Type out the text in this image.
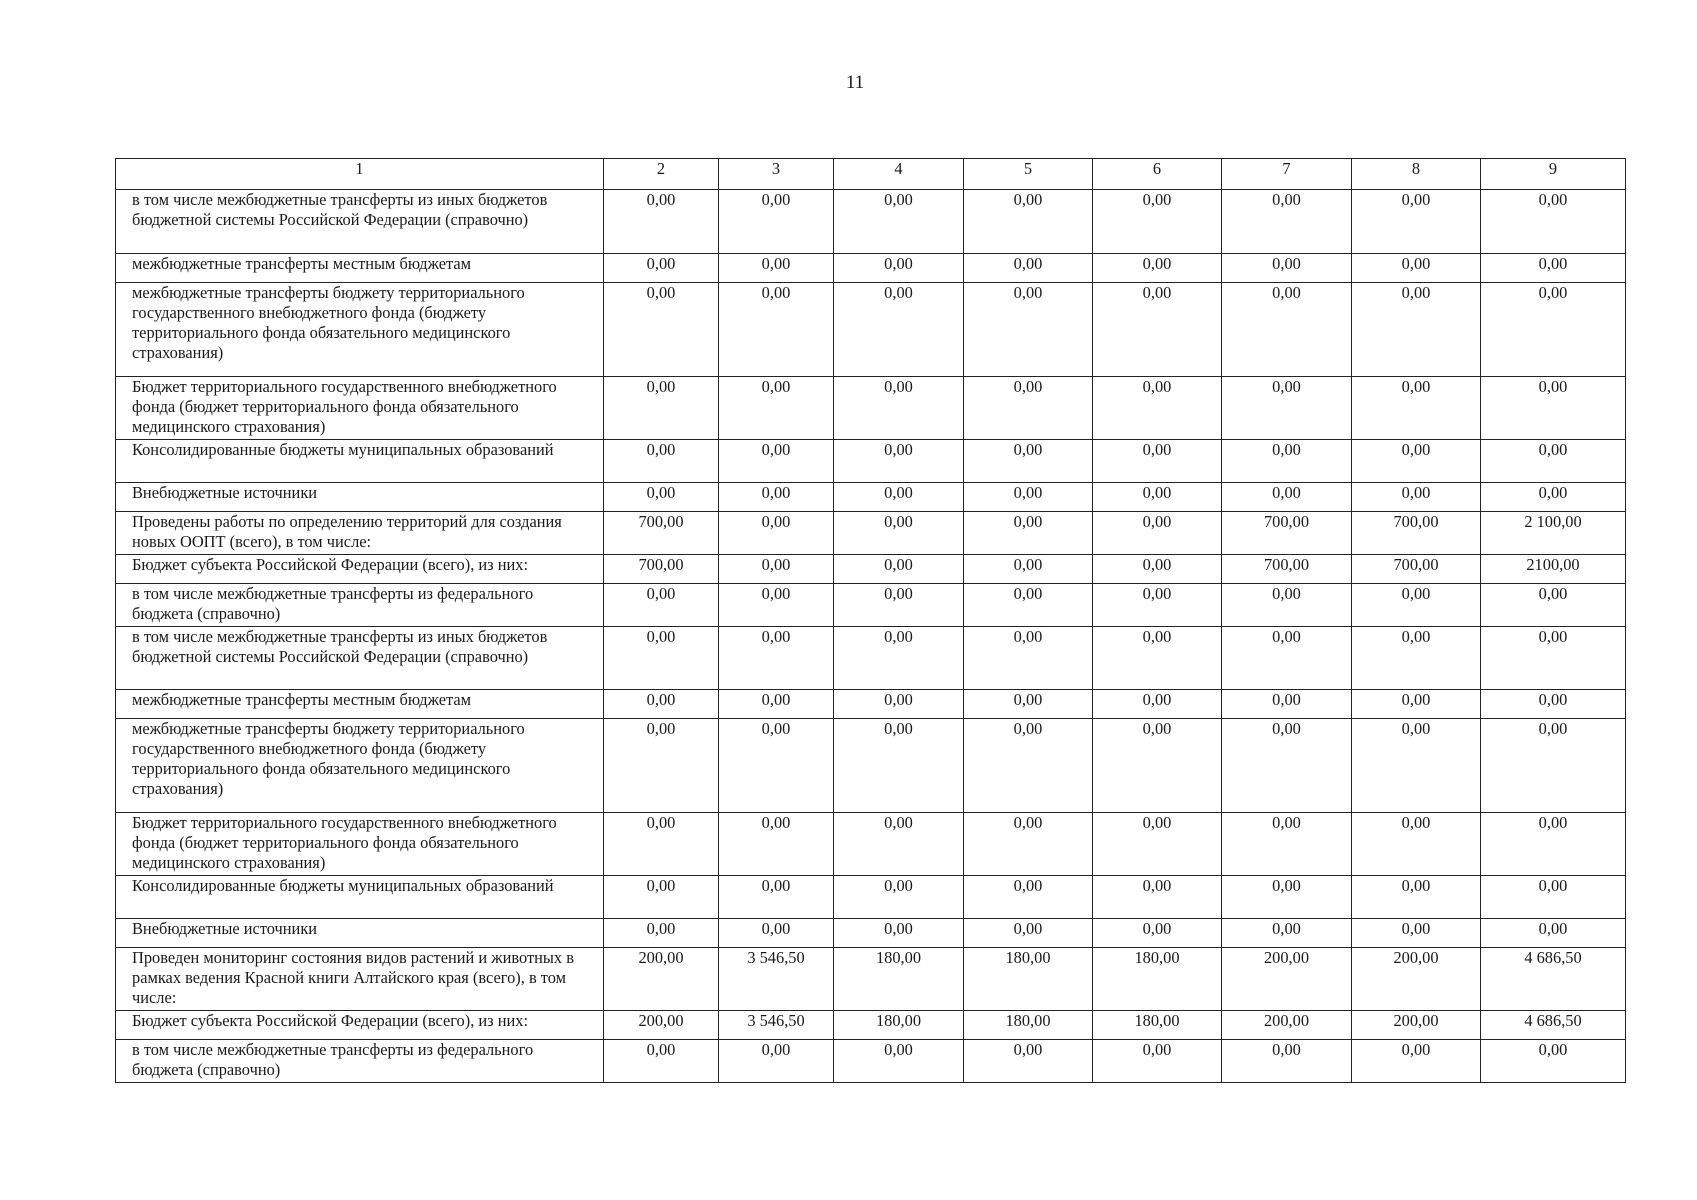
11
1	2	3	4	5	6	7	8	9
в том числе межбюджетные трансферты из иных бюджетов бюджетной системы Российской Федерации (справочно)	0,00	0,00	0,00	0,00	0,00	0,00	0,00	0,00
межбюджетные трансферты местным бюджетам	0,00	0,00	0,00	0,00	0,00	0,00	0,00	0,00
межбюджетные трансферты бюджету территориального государственного внебюджетного фонда (бюджету территориального фонда обязательного медицинского страхования)	0,00	0,00	0,00	0,00	0,00	0,00	0,00	0,00
Бюджет территориального государственного внебюджетного фонда (бюджет территориального фонда обязательного медицинского страхования)	0,00	0,00	0,00	0,00	0,00	0,00	0,00	0,00
Консолидированные бюджеты муниципальных образований	0,00	0,00	0,00	0,00	0,00	0,00	0,00	0,00
Внебюджетные источники	0,00	0,00	0,00	0,00	0,00	0,00	0,00	0,00
Проведены работы по определению территорий для создания новых ООПТ (всего), в том числе:	700,00	0,00	0,00	0,00	0,00	700,00	700,00	2 100,00
Бюджет субъекта Российской Федерации (всего), из них:	700,00	0,00	0,00	0,00	0,00	700,00	700,00	2100,00
в том числе межбюджетные трансферты из федерального бюджета (справочно)	0,00	0,00	0,00	0,00	0,00	0,00	0,00	0,00
в том числе межбюджетные трансферты из иных бюджетов бюджетной системы Российской Федерации (справочно)	0,00	0,00	0,00	0,00	0,00	0,00	0,00	0,00
межбюджетные трансферты местным бюджетам	0,00	0,00	0,00	0,00	0,00	0,00	0,00	0,00
межбюджетные трансферты бюджету территориального государственного внебюджетного фонда (бюджету территориального фонда обязательного медицинского страхования)	0,00	0,00	0,00	0,00	0,00	0,00	0,00	0,00
Бюджет территориального государственного внебюджетного фонда (бюджет территориального фонда обязательного медицинского страхования)	0,00	0,00	0,00	0,00	0,00	0,00	0,00	0,00
Консолидированные бюджеты муниципальных образований	0,00	0,00	0,00	0,00	0,00	0,00	0,00	0,00
Внебюджетные источники	0,00	0,00	0,00	0,00	0,00	0,00	0,00	0,00
Проведен мониторинг состояния видов растений и животных в рамках ведения Красной книги Алтайского края (всего), в том числе:	200,00	3 546,50	180,00	180,00	180,00	200,00	200,00	4 686,50
Бюджет субъекта Российской Федерации (всего), из них:	200,00	3 546,50	180,00	180,00	180,00	200,00	200,00	4 686,50
в том числе межбюджетные трансферты из федерального бюджета (справочно)	0,00	0,00	0,00	0,00	0,00	0,00	0,00	0,00
